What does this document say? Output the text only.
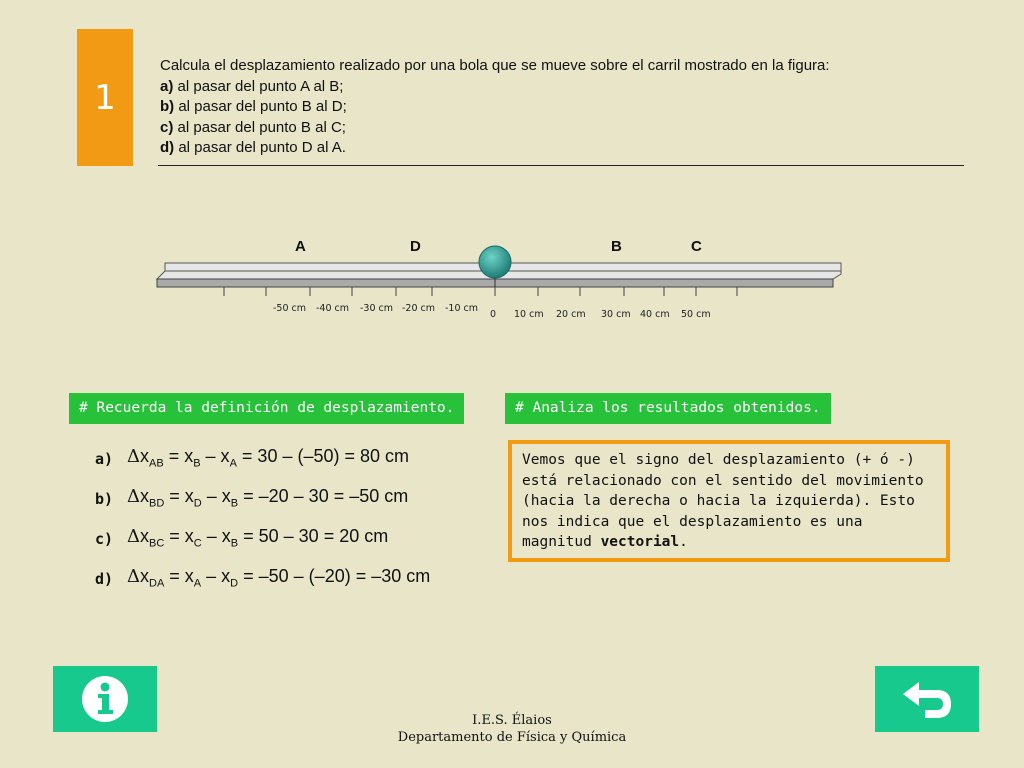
1
Calcula el desplazamiento realizado por una bola que se mueve sobre el carril mostrado en la figura:
a) al pasar del punto A al B;
b) al pasar del punto B al D;
c) al pasar del punto B al C;
d) al pasar del punto D al A.
A	D	B	C
-50 cm -40 cm -30 cm -20 cm -10 cm
0 10 cm 20 cm 30 cm 40 cm 50 cm
# Recuerda la definición de desplazamiento.	# Analiza los resultados obtenidos.
a) $\Delta x_{AB} = x_B - x_A = 30 - (-50) = 80$ cm
b) $\Delta x_{BD} = x_D - x_B = -20 - 30 = -50$ cm
c) $\Delta x_{BC} = x_C - x_B = 50 - 30 = 20$ cm
d) $\Delta x_{DA} = x_A - x_D = -50 - (-20) = -30$ cm
Vemos que el signo del desplazamiento (+ ó -) está relacionado con el sentido del movimiento (hacia la derecha o hacia la izquierda). Esto nos indica que el desplazamiento es una magnitud vectorial.
I.E.S. Élaios
Departamento de Física y Química
